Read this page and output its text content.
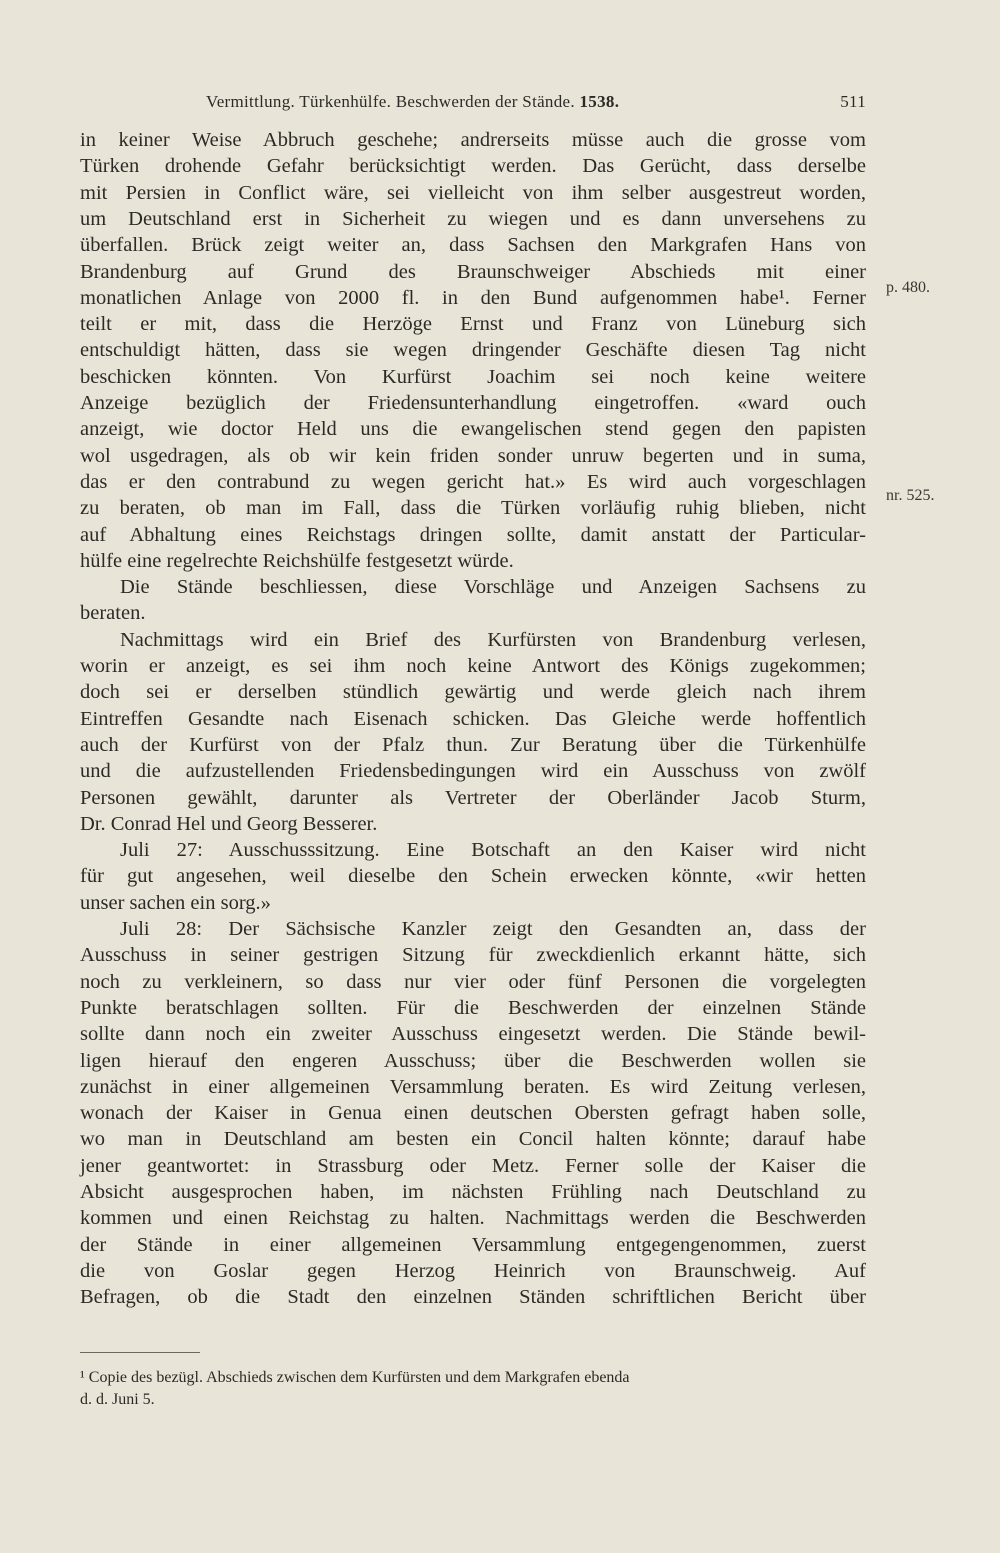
Vermittlung. Türkenhülfe. Beschwerden der Stände. 1538.	511
in keiner Weise Abbruch geschehe; andrerseits müsse auch die grosse vom
Türken drohende Gefahr berücksichtigt werden. Das Gerücht, dass derselbe
mit Persien in Conflict wäre, sei vielleicht von ihm selber ausgestreut worden,
um Deutschland erst in Sicherheit zu wiegen und es dann unversehens zu
überfallen. Brück zeigt weiter an, dass Sachsen den Markgrafen Hans von
Brandenburg auf Grund des Braunschweiger Abschieds mit einer
monatlichen Anlage von 2000 fl. in den Bund aufgenommen habe¹. Ferner
teilt er mit, dass die Herzöge Ernst und Franz von Lüneburg sich
entschuldigt hätten, dass sie wegen dringender Geschäfte diesen Tag nicht
beschicken könnten. Von Kurfürst Joachim sei noch keine weitere
Anzeige bezüglich der Friedensunterhandlung eingetroffen. «ward ouch
anzeigt, wie doctor Held uns die ewangelischen stend gegen den papisten
wol usgedragen, als ob wir kein friden sonder unruw begerten und in suma,
das er den contrabund zu wegen gericht hat.» Es wird auch vorgeschlagen
zu beraten, ob man im Fall, dass die Türken vorläufig ruhig blieben, nicht
auf Abhaltung eines Reichstags dringen sollte, damit anstatt der Particular-
hülfe eine regelrechte Reichshülfe festgesetzt würde.
Die Stände beschliessen, diese Vorschläge und Anzeigen Sachsens zu
beraten.
Nachmittags wird ein Brief des Kurfürsten von Brandenburg verlesen,
worin er anzeigt, es sei ihm noch keine Antwort des Königs zugekommen;
doch sei er derselben stündlich gewärtig und werde gleich nach ihrem
Eintreffen Gesandte nach Eisenach schicken. Das Gleiche werde hoffentlich
auch der Kurfürst von der Pfalz thun. Zur Beratung über die Türkenhülfe
und die aufzustellenden Friedensbedingungen wird ein Ausschuss von zwölf
Personen gewählt, darunter als Vertreter der Oberländer Jacob Sturm,
Dr. Conrad Hel und Georg Besserer.
Juli 27: Ausschusssitzung. Eine Botschaft an den Kaiser wird nicht
für gut angesehen, weil dieselbe den Schein erwecken könnte, «wir hetten
unser sachen ein sorg.»
Juli 28: Der Sächsische Kanzler zeigt den Gesandten an, dass der
Ausschuss in seiner gestrigen Sitzung für zweckdienlich erkannt hätte, sich
noch zu verkleinern, so dass nur vier oder fünf Personen die vorgelegten
Punkte beratschlagen sollten. Für die Beschwerden der einzelnen Stände
sollte dann noch ein zweiter Ausschuss eingesetzt werden. Die Stände bewil-
ligen hierauf den engeren Ausschuss; über die Beschwerden wollen sie
zunächst in einer allgemeinen Versammlung beraten. Es wird Zeitung verlesen,
wonach der Kaiser in Genua einen deutschen Obersten gefragt haben solle,
wo man in Deutschland am besten ein Concil halten könnte; darauf habe
jener geantwortet: in Strassburg oder Metz. Ferner solle der Kaiser die
Absicht ausgesprochen haben, im nächsten Frühling nach Deutschland zu
kommen und einen Reichstag zu halten. Nachmittags werden die Beschwerden
der Stände in einer allgemeinen Versammlung entgegengenommen, zuerst
die von Goslar gegen Herzog Heinrich von Braunschweig. Auf
Befragen, ob die Stadt den einzelnen Ständen schriftlichen Bericht über
p. 480.
nr. 525.
¹ Copie des bezügl. Abschieds zwischen dem Kurfürsten und dem Markgrafen ebenda
d. d. Juni 5.
